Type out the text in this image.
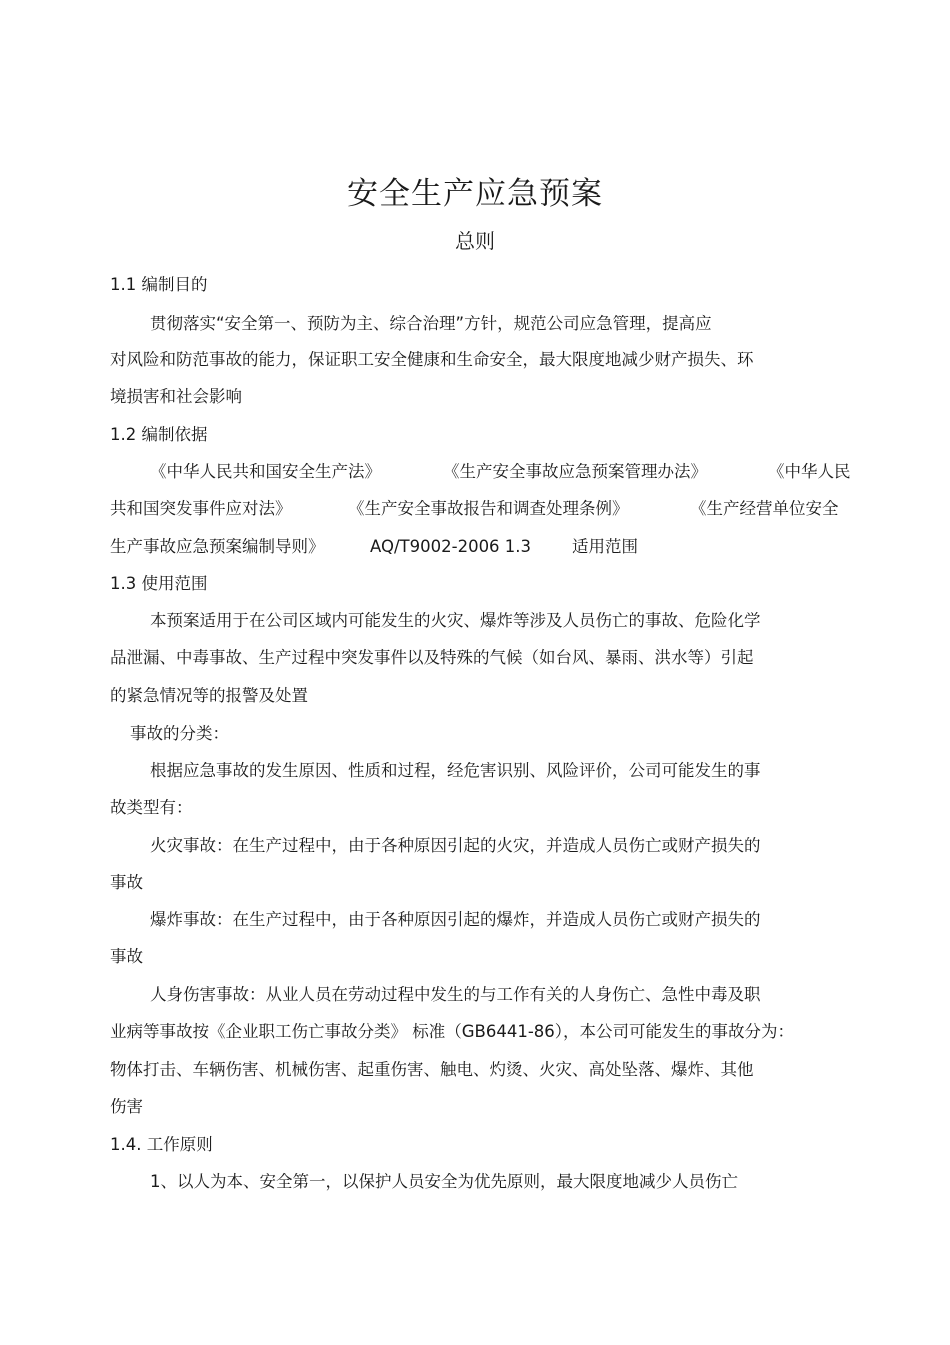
安全生产应急预案
总则
1.1 编制目的
贯彻落实“安全第一、预防为主、综合治理”方针，规范公司应急管理，提高应
对风险和防范事故的能力，保证职工安全健康和生命安全，最大限度地减少财产损失、环
境损害和社会影响
1.2 编制依据
《中华人民共和国安全生产法》	《生产安全事故应急预案管理办法》	《中华人民
共和国突发事件应对法》	《生产安全事故报告和调查处理条例》	《生产经营单位安全
生产事故应急预案编制导则》	AQ/T9002-2006 1.3 适用范围
1.3 使用范围
本预案适用于在公司区域内可能发生的火灾、爆炸等涉及人员伤亡的事故、危险化学
品泄漏、中毒事故、生产过程中突发事件以及特殊的气候（如台风、暴雨、洪水等）引起
的紧急情况等的报警及处置
事故的分类：
根据应急事故的发生原因、性质和过程，经危害识别、风险评价，公司可能发生的事
故类型有：
火灾事故：在生产过程中，由于各种原因引起的火灾，并造成人员伤亡或财产损失的
事故
爆炸事故：在生产过程中，由于各种原因引起的爆炸，并造成人员伤亡或财产损失的
事故
人身伤害事故：从业人员在劳动过程中发生的与工作有关的人身伤亡、急性中毒及职
业病等事故按《企业职工伤亡事故分类》 标准（GB6441-86），本公司可能发生的事故分为：
物体打击、车辆伤害、机械伤害、起重伤害、触电、灼烫、火灾、高处坠落、爆炸、其他
伤害
1.4. 工作原则
1、以人为本、安全第一，以保护人员安全为优先原则，最大限度地减少人员伤亡
